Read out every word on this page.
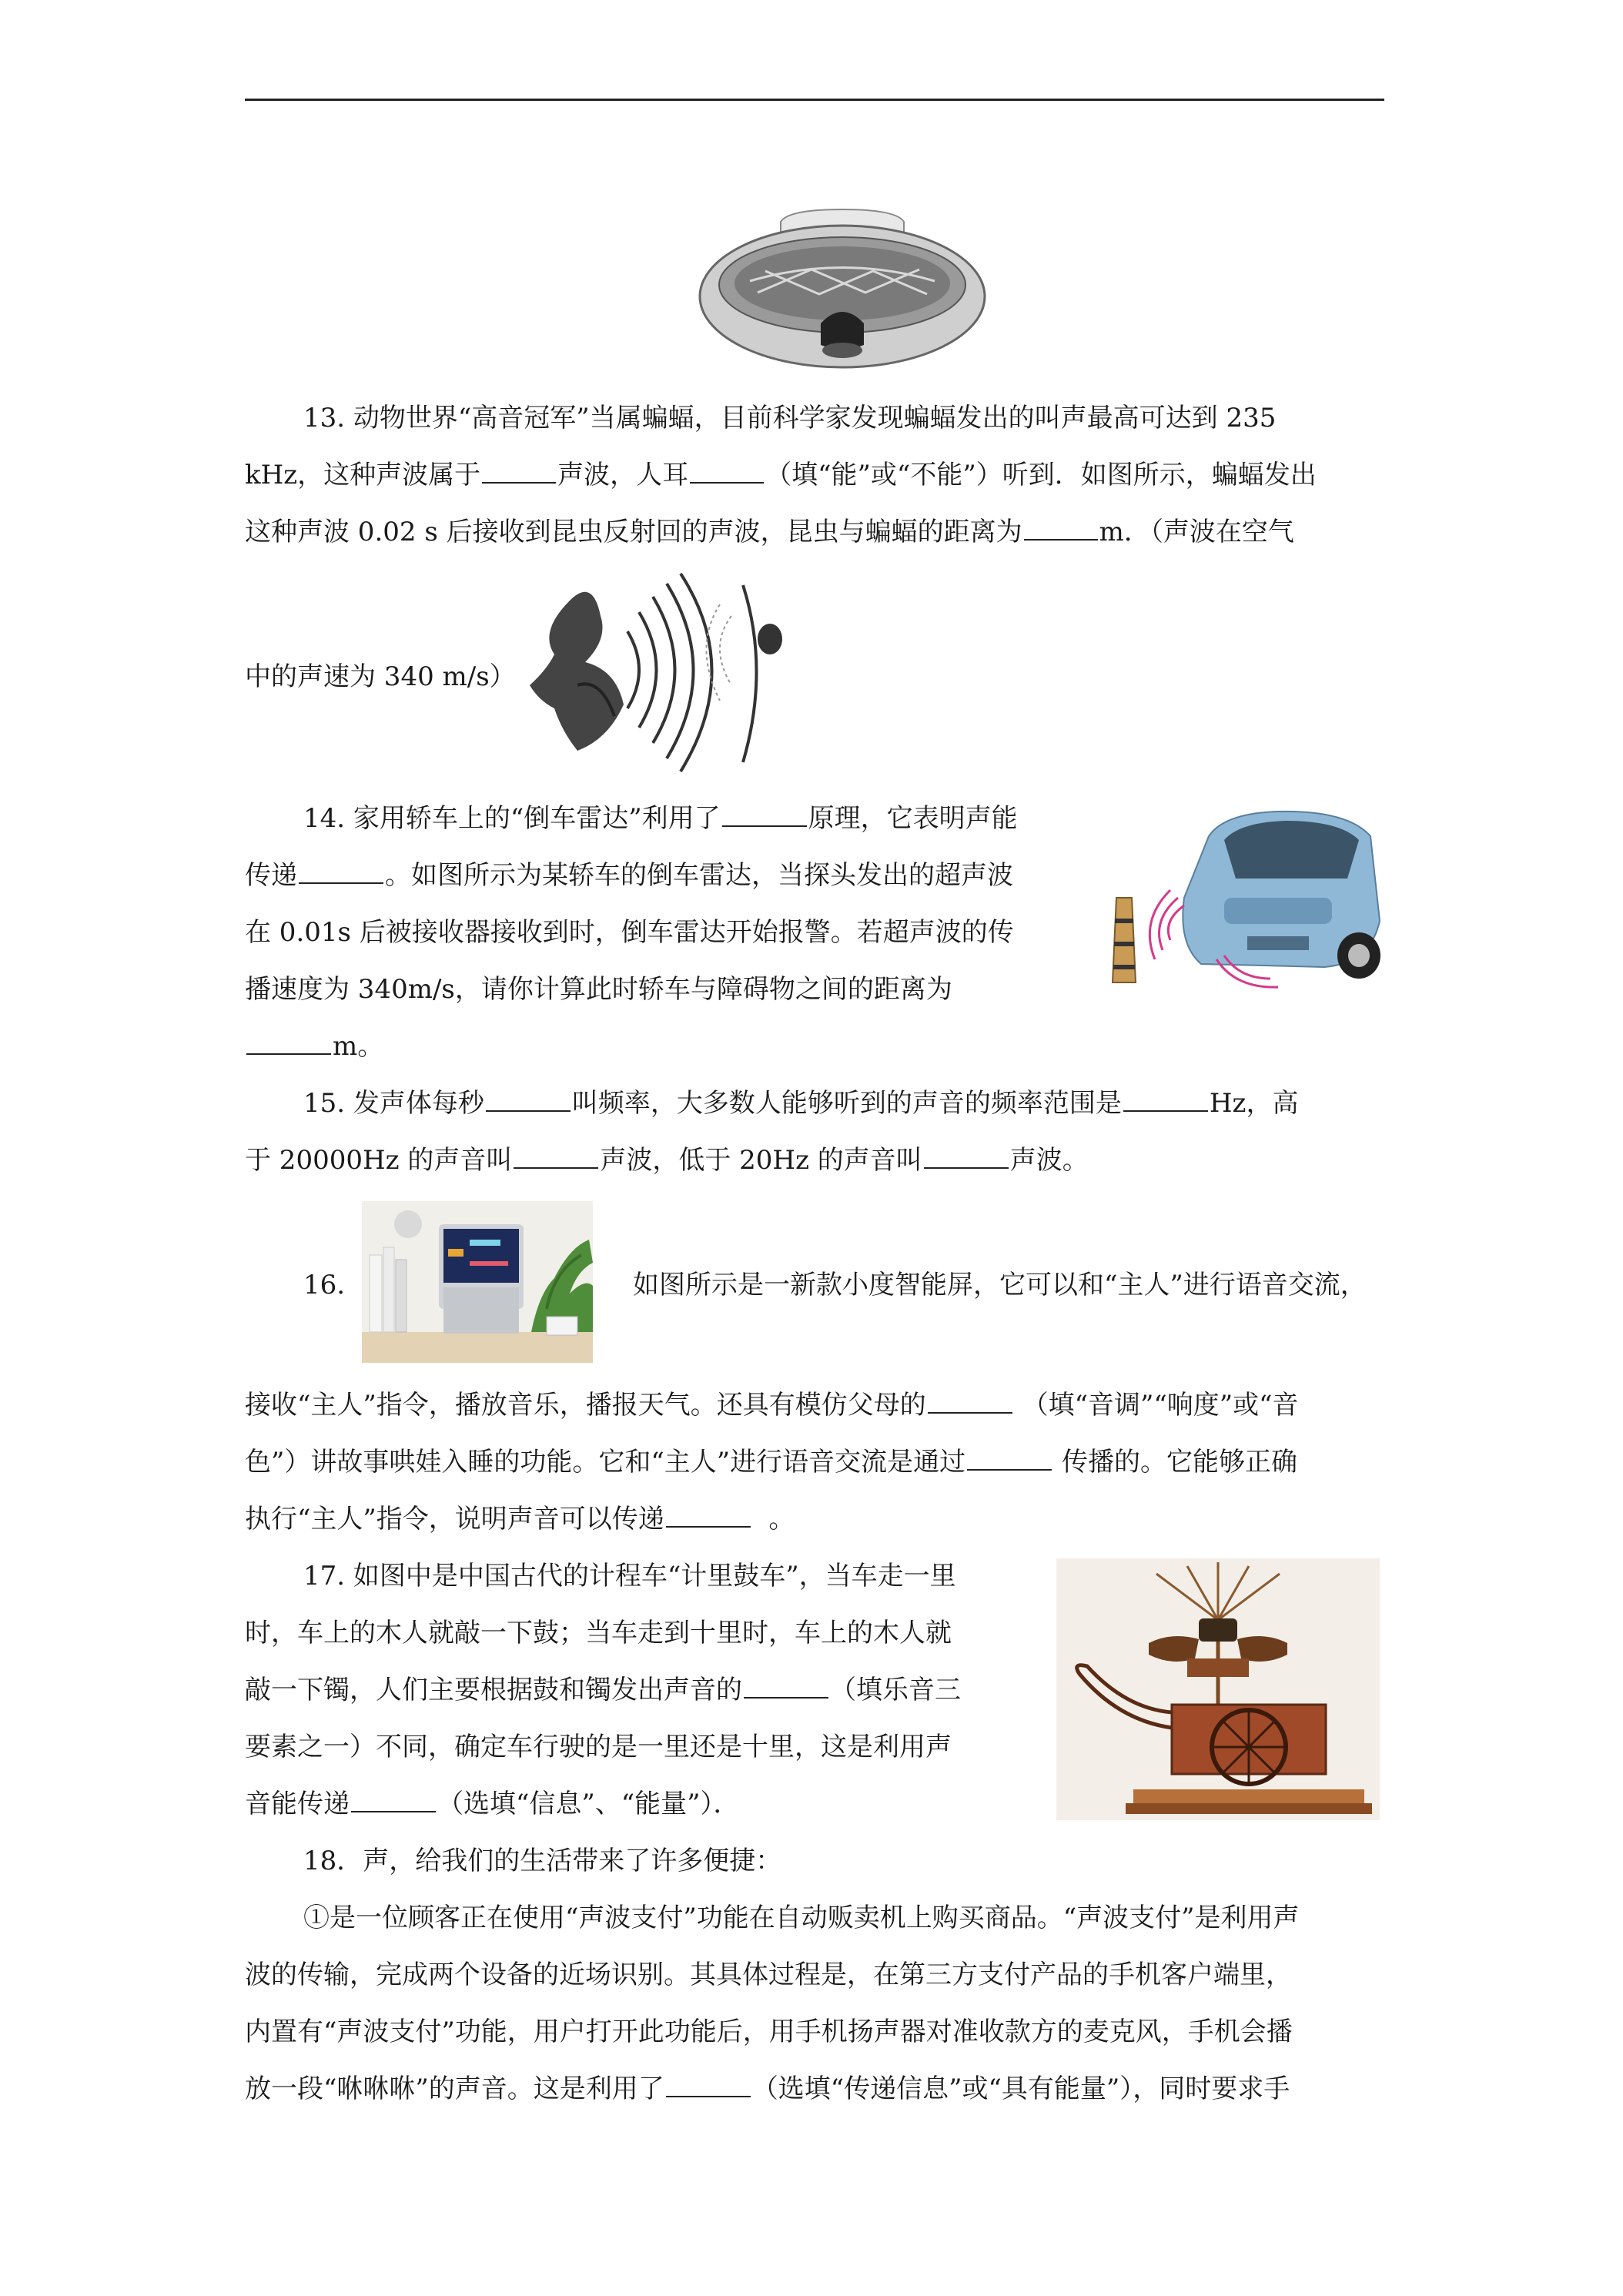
13. 动物世界“高音冠军”当属蝙蝠，目前科学家发现蝙蝠发出的叫声最高可达到 235
kHz，这种声波属于	声波，人耳	（填“能”或“不能”）听到．如图所示，蝙蝠发出
这种声波 0.02 s 后接收到昆虫反射回的声波，昆虫与蝙蝠的距离为	m．（声波在空气
中的声速为 340 m/s）
14. 家用轿车上的“倒车雷达”利用了	原理，它表明声能
传递	。如图所示为某轿车的倒车雷达，当探头发出的超声波
在 0.01s 后被接收器接收到时，倒车雷达开始报警。若超声波的传
播速度为 340m/s，请你计算此时轿车与障碍物之间的距离为
m。
15. 发声体每秒	叫频率，大多数人能够听到的声音的频率范围是	Hz，高
于 20000Hz 的声音叫	声波，低于 20Hz 的声音叫	声波。
16.	如图所示是一新款小度智能屏，它可以和“主人”进行语音交流，
接收“主人”指令，播放音乐，播报天气。还具有模仿父母的	（填“音调”“响度”或“音
色”）讲故事哄娃入睡的功能。它和“主人”进行语音交流是通过	传播的。它能够正确
执行“主人”指令，说明声音可以传递	。
17. 如图中是中国古代的计程车“计里鼓车”，当车走一里
时，车上的木人就敲一下鼓；当车走到十里时，车上的木人就
敲一下镯，人们主要根据鼓和镯发出声音的	（填乐音三
要素之一）不同，确定车行驶的是一里还是十里，这是利用声
音能传递	（选填“信息”、“能量”）．
18．声，给我们的生活带来了许多便捷：
①是一位顾客正在使用“声波支付”功能在自动贩卖机上购买商品。“声波支付”是利用声
波的传输，完成两个设备的近场识别。其具体过程是，在第三方支付产品的手机客户端里，
内置有“声波支付”功能，用户打开此功能后，用手机扬声器对准收款方的麦克风，手机会播
放一段“咻咻咻”的声音。这是利用了	（选填“传递信息”或“具有能量”），同时要求手
